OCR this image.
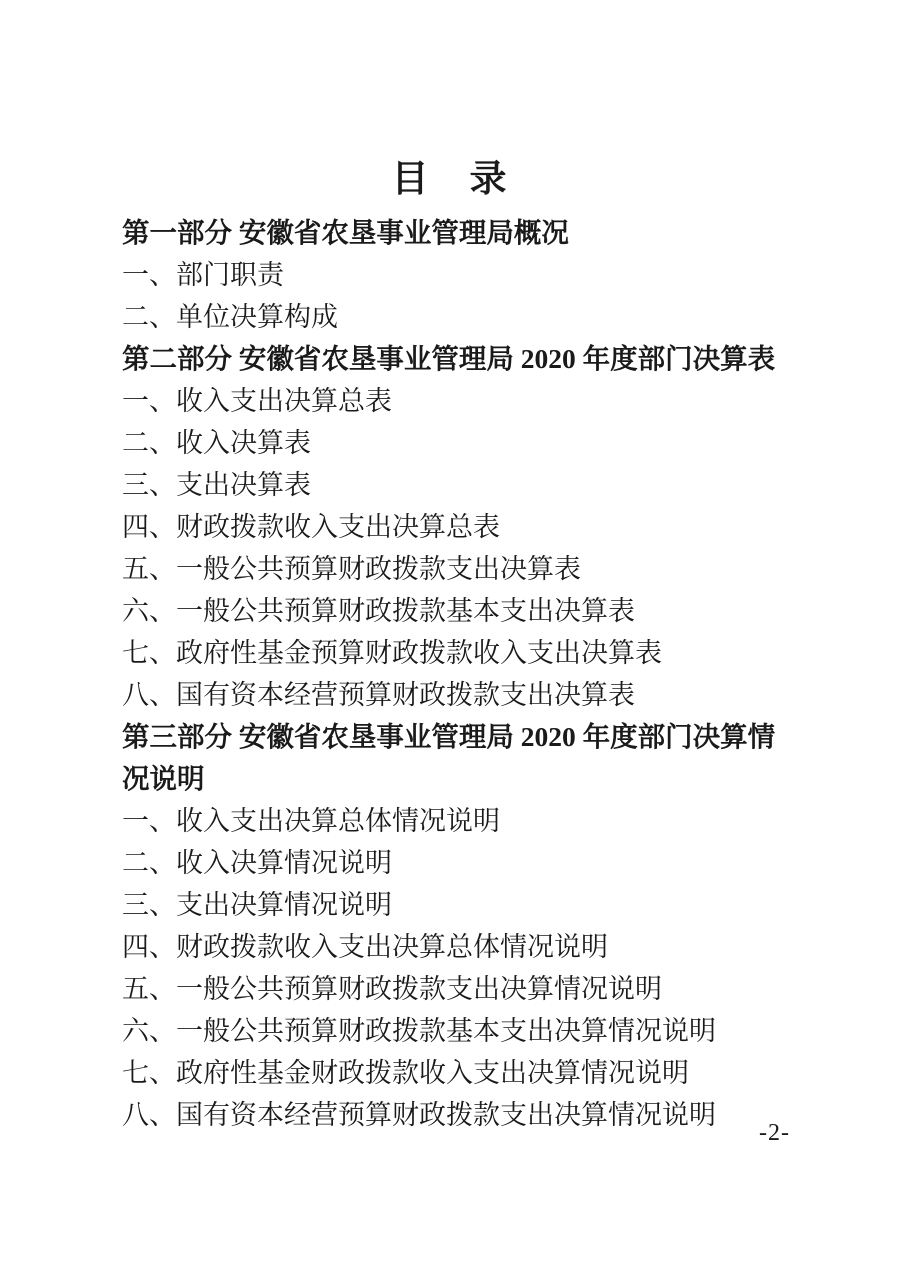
目　录
第一部分 安徽省农垦事业管理局概况
一、部门职责
二、单位决算构成
第二部分 安徽省农垦事业管理局 2020 年度部门决算表
一、收入支出决算总表
二、收入决算表
三、支出决算表
四、财政拨款收入支出决算总表
五、一般公共预算财政拨款支出决算表
六、一般公共预算财政拨款基本支出决算表
七、政府性基金预算财政拨款收入支出决算表
八、国有资本经营预算财政拨款支出决算表
第三部分 安徽省农垦事业管理局 2020 年度部门决算情况说明
一、收入支出决算总体情况说明
二、收入决算情况说明
三、支出决算情况说明
四、财政拨款收入支出决算总体情况说明
五、一般公共预算财政拨款支出决算情况说明
六、一般公共预算财政拨款基本支出决算情况说明
七、政府性基金财政拨款收入支出决算情况说明
八、国有资本经营预算财政拨款支出决算情况说明
-2-
